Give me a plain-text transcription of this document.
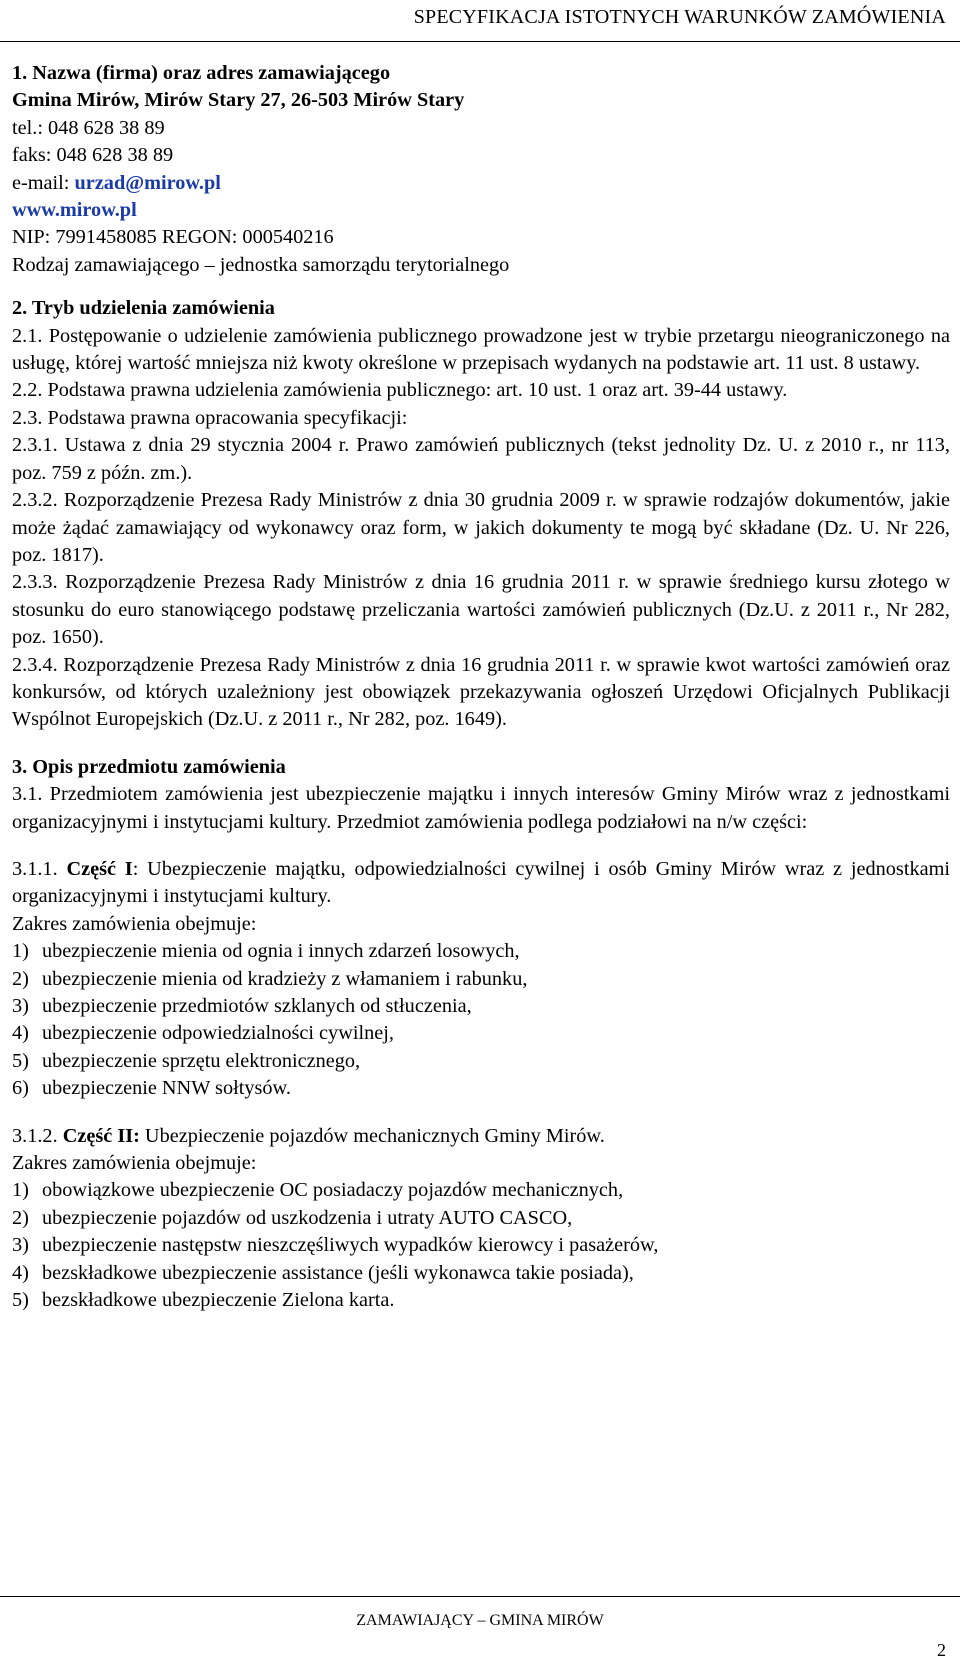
SPECYFIKACJA ISTOTNYCH WARUNKÓW ZAMÓWIENIA

1. Nazwa (firma) oraz adres zamawiającego

Gmina Mirów, Mirów Stary 27, 26-503 Mirów Stary

tel.: 048 628 38 89

faks: 048 628 38 89

e-mail: urzad@mirow.pl

www.mirow.pl

NIP: 7991458085 REGON: 000540216

Rodzaj zamawiającego – jednostka samorządu terytorialnego

2. Tryb udzielenia zamówienia

2.1. Postępowanie o udzielenie zamówienia publicznego prowadzone jest w trybie przetargu nieograniczonego na usługę, której wartość mniejsza niż kwoty określone w przepisach wydanych na podstawie art. 11 ust. 8 ustawy.

2.2. Podstawa prawna udzielenia zamówienia publicznego: art. 10 ust. 1 oraz art. 39-44 ustawy.

2.3. Podstawa prawna opracowania specyfikacji:

2.3.1. Ustawa z dnia 29 stycznia 2004 r. Prawo zamówień publicznych (tekst jednolity Dz. U. z 2010 r., nr 113, poz. 759 z późn. zm.).

2.3.2. Rozporządzenie Prezesa Rady Ministrów z dnia 30 grudnia 2009 r. w sprawie rodzajów dokumentów, jakie może żądać zamawiający od wykonawcy oraz form, w jakich dokumenty te mogą być składane (Dz. U. Nr 226, poz. 1817).

2.3.3. Rozporządzenie Prezesa Rady Ministrów z dnia 16 grudnia 2011 r. w sprawie średniego kursu złotego w stosunku do euro stanowiącego podstawę przeliczania wartości zamówień publicznych (Dz.U. z 2011 r., Nr 282, poz. 1650).

2.3.4. Rozporządzenie Prezesa Rady Ministrów z dnia 16 grudnia 2011 r. w sprawie kwot wartości zamówień oraz konkursów, od których uzależniony jest obowiązek przekazywania ogłoszeń Urzędowi Oficjalnych Publikacji Wspólnot Europejskich (Dz.U. z 2011 r., Nr 282, poz. 1649).

3. Opis przedmiotu zamówienia

3.1. Przedmiotem zamówienia jest ubezpieczenie majątku i innych interesów Gminy Mirów wraz z jednostkami organizacyjnymi i instytucjami kultury. Przedmiot zamówienia podlega podziałowi na n/w części:

3.1.1. Część I: Ubezpieczenie majątku, odpowiedzialności cywilnej i osób Gminy Mirów wraz z jednostkami organizacyjnymi i instytucjami kultury.

Zakres zamówienia obejmuje:

1) ubezpieczenie mienia od ognia i innych zdarzeń losowych,
2) ubezpieczenie mienia od kradzieży z włamaniem i rabunku,
3) ubezpieczenie przedmiotów szklanych od stłuczenia,
4) ubezpieczenie odpowiedzialności cywilnej,
5) ubezpieczenie sprzętu elektronicznego,
6) ubezpieczenie NNW sołtysów.

3.1.2. Część II: Ubezpieczenie pojazdów mechanicznych Gminy Mirów.

Zakres zamówienia obejmuje:

1) obowiązkowe ubezpieczenie OC posiadaczy pojazdów mechanicznych,
2) ubezpieczenie pojazdów od uszkodzenia i utraty AUTO CASCO,
3) ubezpieczenie następstw nieszczęśliwych wypadków kierowcy i pasażerów,
4) bezskładkowe ubezpieczenie assistance (jeśli wykonawca takie posiada),
5) bezskładkowe ubezpieczenie Zielona karta.
ZAMAWIAJĄCY – GMINA MIRÓW
2
